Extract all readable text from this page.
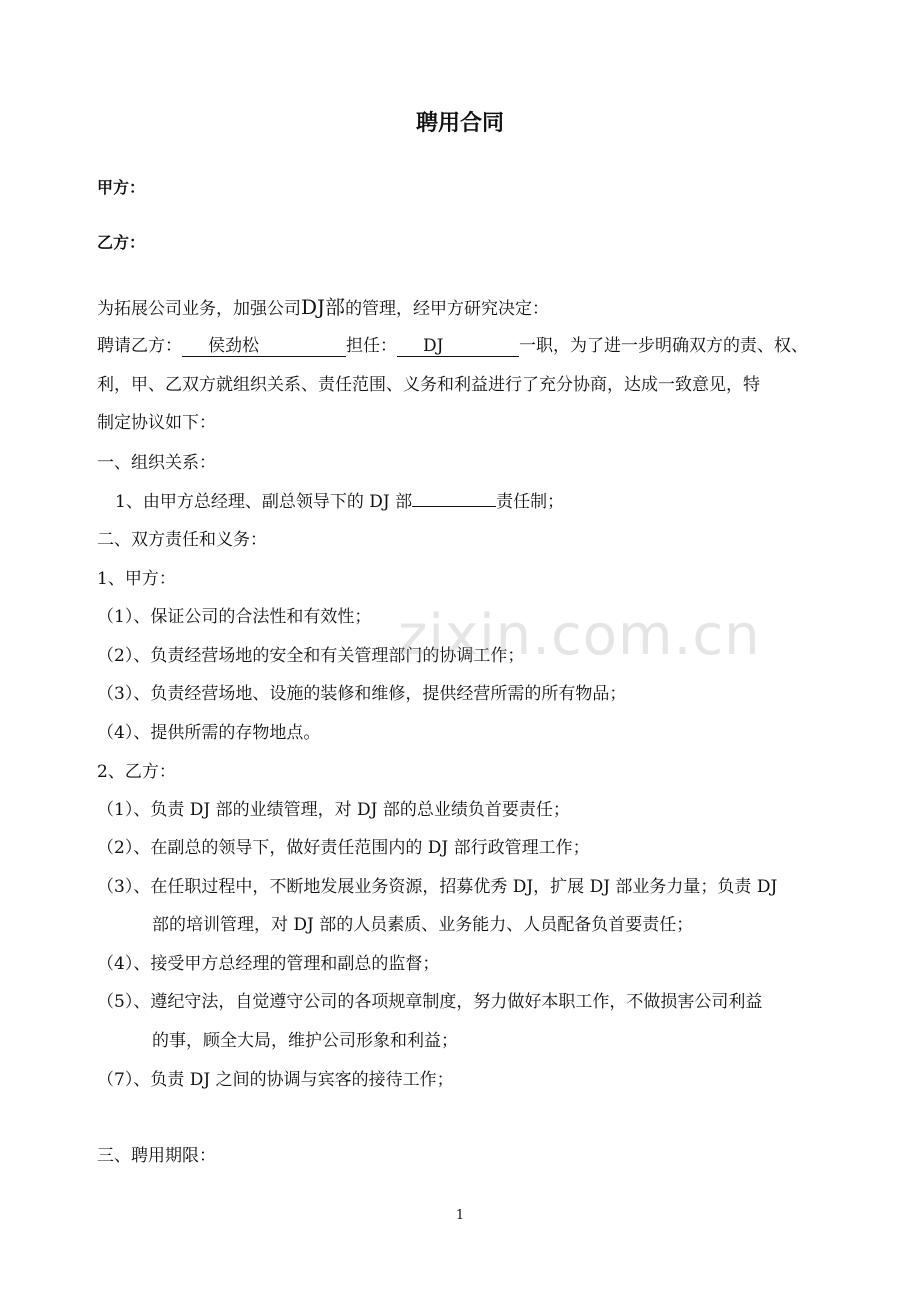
聘用合同
甲方：
乙方：
为拓展公司业务，加强公司DJ部的管理，经甲方研究决定：
聘请乙方： 侯劲松	担任： DJ	一职，为了进一步明确双方的责、权、
利，甲、乙双方就组织关系、责任范围、义务和利益进行了充分协商，达成一致意见，特
制定协议如下：
一、组织关系：
1、由甲方总经理、副总领导下的 DJ 部	责任制；
二、双方责任和义务：
1、甲方：
（1）、保证公司的合法性和有效性；
（2）、负责经营场地的安全和有关管理部门的协调工作；
（3）、负责经营场地、设施的装修和维修，提供经营所需的所有物品；
（4）、提供所需的存物地点。
2、乙方：
（1）、负责 DJ 部的业绩管理，对 DJ 部的总业绩负首要责任；
（2）、在副总的领导下，做好责任范围内的 DJ 部行政管理工作；
（3）、在任职过程中，不断地发展业务资源，招募优秀 DJ，扩展 DJ 部业务力量；负责 DJ
部的培训管理，对 DJ 部的人员素质、业务能力、人员配备负首要责任；
（4）、接受甲方总经理的管理和副总的监督；
（5）、遵纪守法，自觉遵守公司的各项规章制度，努力做好本职工作，不做损害公司利益
的事，顾全大局，维护公司形象和利益；
（7）、负责 DJ 之间的协调与宾客的接待工作；
三、聘用期限：
zixin.com.cn
1
